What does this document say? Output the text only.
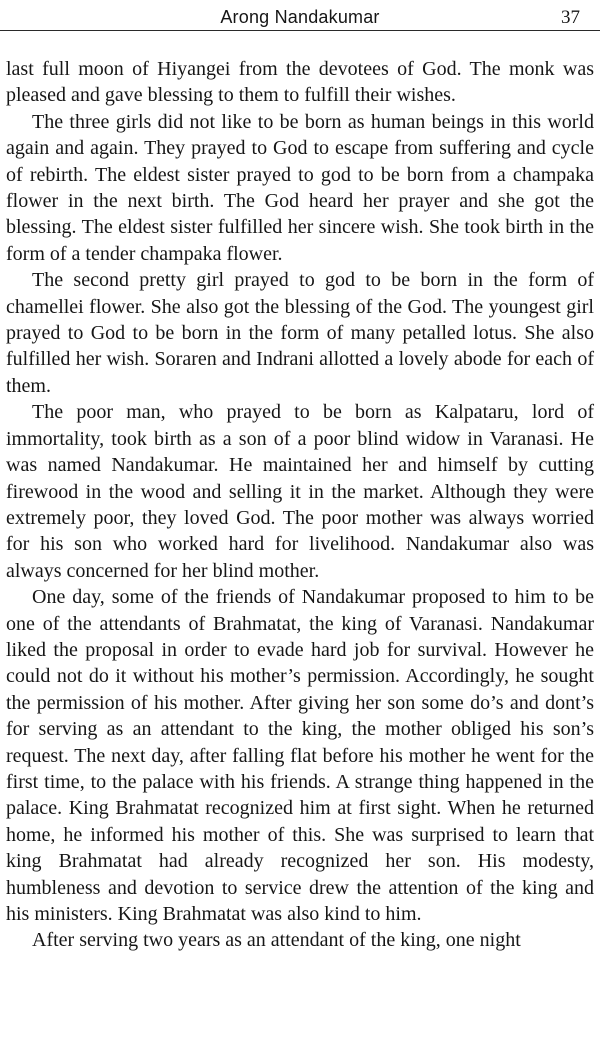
Arong Nandakumar	37

last full moon of Hiyangei from the devotees of God. The monk was pleased and gave blessing to them to fulfill their wishes.

The three girls did not like to be born as human beings in this world again and again. They prayed to God to escape from suffering and cycle of rebirth. The eldest sister prayed to god to be born from a champaka flower in the next birth. The God heard her prayer and she got the blessing. The eldest sister fulfilled her sincere wish. She took birth in the form of a tender champaka flower.

The second pretty girl prayed to god to be born in the form of chamellei flower. She also got the blessing of the God. The youngest girl prayed to God to be born in the form of many petalled lotus. She also fulfilled her wish. Soraren and Indrani allotted a lovely abode for each of them.

The poor man, who prayed to be born as Kalpataru, lord of immortality, took birth as a son of a poor blind widow in Varanasi. He was named Nandakumar. He maintained her and himself by cutting firewood in the wood and selling it in the market. Although they were extremely poor, they loved God. The poor mother was always worried for his son who worked hard for livelihood. Nandakumar also was always concerned for her blind mother.

One day, some of the friends of Nandakumar proposed to him to be one of the attendants of Brahmatat, the king of Varanasi. Nandakumar liked the proposal in order to evade hard job for survival. However he could not do it without his mother’s permission. Accordingly, he sought the permission of his mother. After giving her son some do’s and dont’s for serving as an attendant to the king, the mother obliged his son’s request. The next day, after falling flat before his mother he went for the first time, to the palace with his friends. A strange thing happened in the palace. King Brahmatat recognized him at first sight. When he returned home, he informed his mother of this. She was surprised to learn that king Brahmatat had already recognized her son. His modesty, humbleness and devotion to service drew the attention of the king and his ministers. King Brahmatat was also kind to him.

After serving two years as an attendant of the king, one night
